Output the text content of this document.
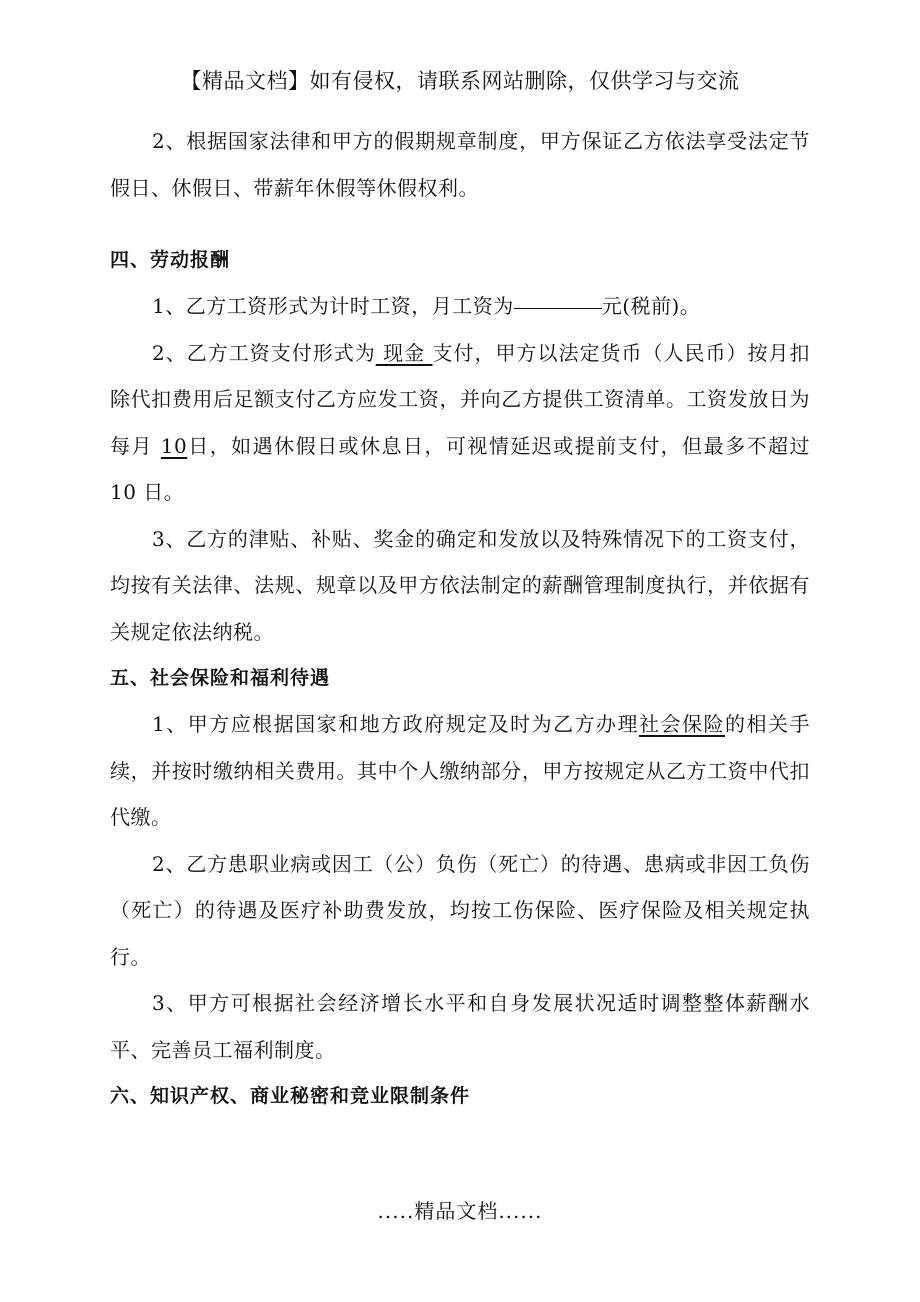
【精品文档】如有侵权，请联系网站删除，仅供学习与交流

2、根据国家法律和甲方的假期规章制度，甲方保证乙方依法享受法定节假日、休假日、带薪年休假等休假权利。

四、劳动报酬

1、乙方工资形式为计时工资，月工资为	元(税前)。

2、乙方工资支付形式为 现金 支付，甲方以法定货币（人民币）按月扣除代扣费用后足额支付乙方应发工资，并向乙方提供工资清单。工资发放日为每月 10日，如遇休假日或休息日，可视情延迟或提前支付，但最多不超过 10 日。

3、乙方的津贴、补贴、奖金的确定和发放以及特殊情况下的工资支付，均按有关法律、法规、规章以及甲方依法制定的薪酬管理制度执行，并依据有关规定依法纳税。

五、社会保险和福利待遇

1、甲方应根据国家和地方政府规定及时为乙方办理社会保险的相关手续，并按时缴纳相关费用。其中个人缴纳部分，甲方按规定从乙方工资中代扣代缴。

2、乙方患职业病或因工（公）负伤（死亡）的待遇、患病或非因工负伤（死亡）的待遇及医疗补助费发放，均按工伤保险、医疗保险及相关规定执行。

3、甲方可根据社会经济增长水平和自身发展状况适时调整整体薪酬水平、完善员工福利制度。

六、知识产权、商业秘密和竞业限制条件

.....精品文档......
